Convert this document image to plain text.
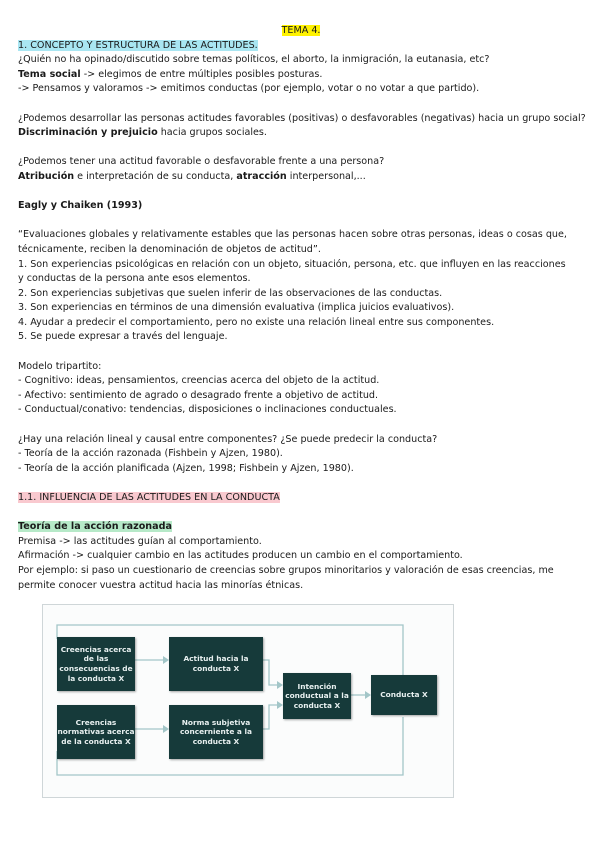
TEMA 4.
1. CONCEPTO Y ESTRUCTURA DE LAS ACTITUDES.
¿Quién no ha opinado/discutido sobre temas políticos, el aborto, la inmigración, la eutanasia, etc?
Tema social -> elegimos de entre múltiples posibles posturas.
-> Pensamos y valoramos -> emitimos conductas (por ejemplo, votar o no votar a que partido).
¿Podemos desarrollar las personas actitudes favorables (positivas) o desfavorables (negativas) hacia un grupo social?
Discriminación y prejuicio hacia grupos sociales.
¿Podemos tener una actitud favorable o desfavorable frente a una persona?
Atribución e interpretación de su conducta, atracción interpersonal,...
Eagly y Chaiken (1993)
“Evaluaciones globales y relativamente estables que las personas hacen sobre otras personas, ideas o cosas que,
técnicamente, reciben la denominación de objetos de actitud”.
1. Son experiencias psicológicas en relación con un objeto, situación, persona, etc. que influyen en las reacciones
y conductas de la persona ante esos elementos.
2. Son experiencias subjetivas que suelen inferir de las observaciones de las conductas.
3. Son experiencias en términos de una dimensión evaluativa (implica juicios evaluativos).
4. Ayudar a predecir el comportamiento, pero no existe una relación lineal entre sus componentes.
5. Se puede expresar a través del lenguaje.
Modelo tripartito:
- Cognitivo: ideas, pensamientos, creencias acerca del objeto de la actitud.
- Afectivo: sentimiento de agrado o desagrado frente a objetivo de actitud.
- Conductual/conativo: tendencias, disposiciones o inclinaciones conductuales.
¿Hay una relación lineal y causal entre componentes? ¿Se puede predecir la conducta?
- Teoría de la acción razonada (Fishbein y Ajzen, 1980).
- Teoría de la acción planificada (Ajzen, 1998; Fishbein y Ajzen, 1980).
1.1. INFLUENCIA DE LAS ACTITUDES EN LA CONDUCTA
Teoría de la acción razonada
Premisa -> las actitudes guían al comportamiento.
Afirmación -> cualquier cambio en las actitudes producen un cambio en el comportamiento.
Por ejemplo: si paso un cuestionario de creencias sobre grupos minoritarios y valoración de esas creencias, me
permite conocer vuestra actitud hacia las minorías étnicas.
Creencias acerca de las consecuencias de la conducta X
Actitud hacia la conducta X
Creencias normativas acerca de la conducta X
Norma subjetiva concerniente a la conducta X
Intención conductual a la conducta X
Conducta X
